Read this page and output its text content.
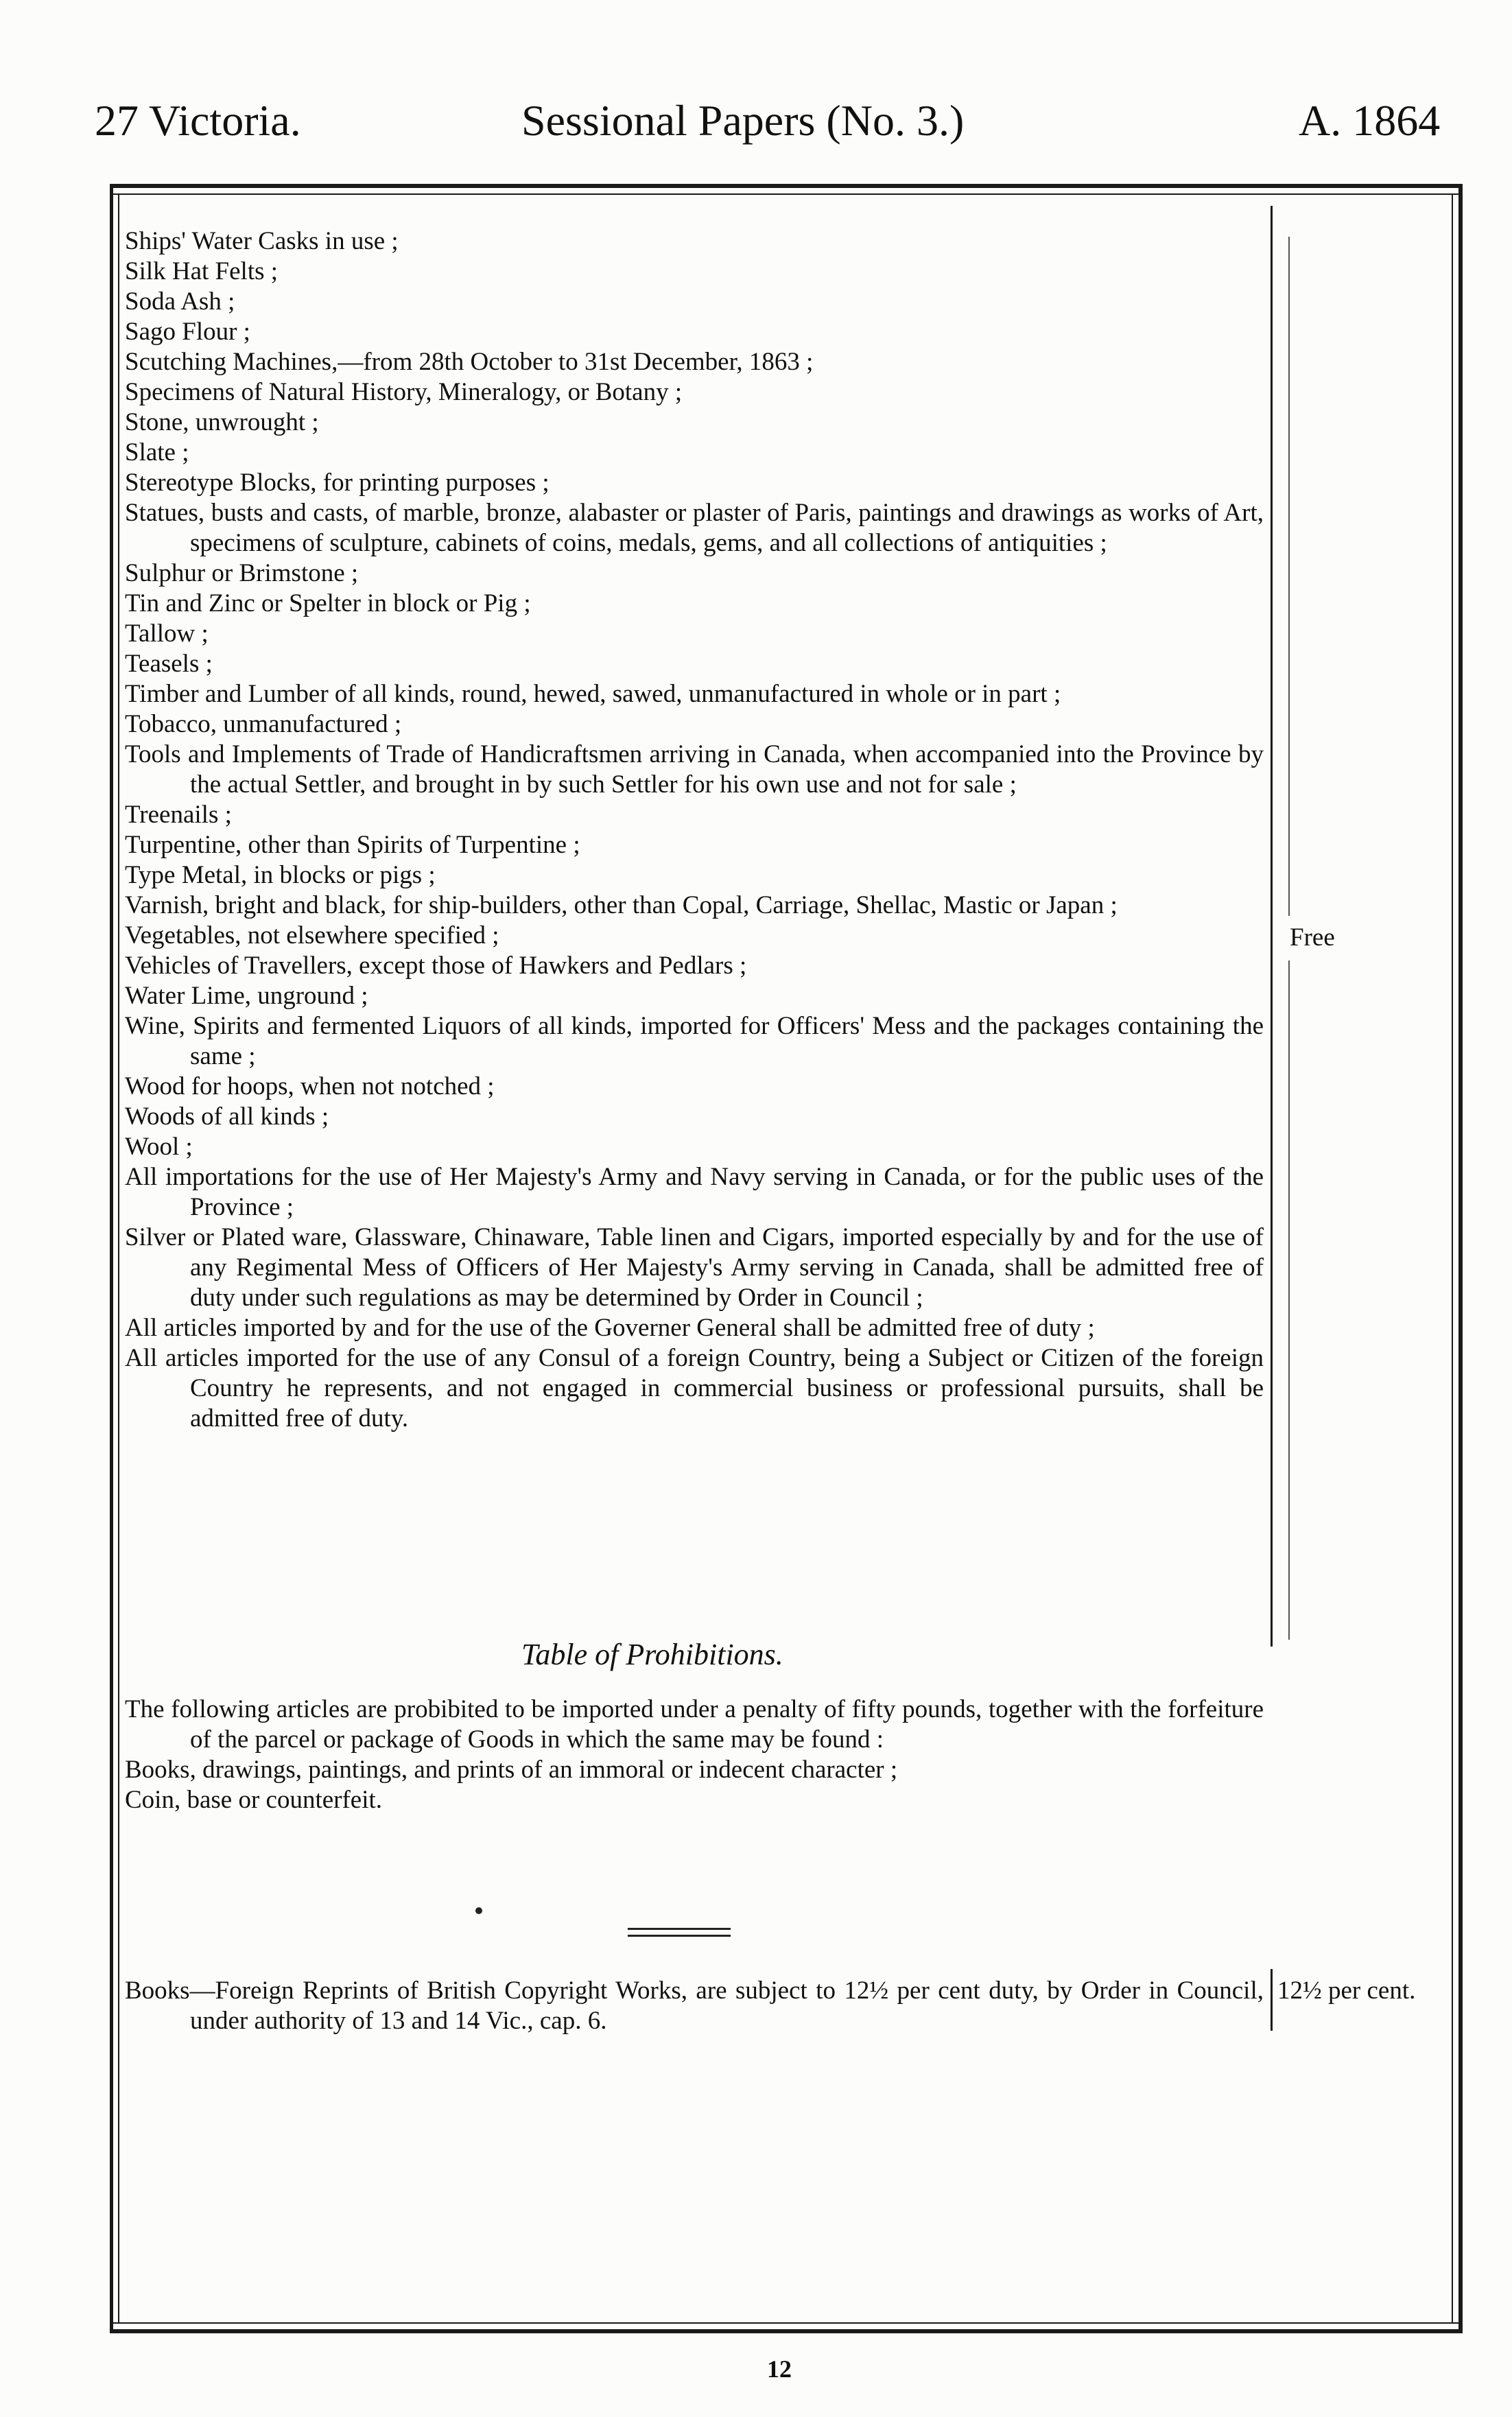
27 Victoria.	Sessional Papers (No. 3.)	A. 1864
Ships' Water Casks in use ;
Silk Hat Felts ;
Soda Ash ;
Sago Flour ;
Scutching Machines,—from 28th October to 31st December, 1863 ;
Specimens of Natural History, Mineralogy, or Botany ;
Stone, unwrought ;
Slate ;
Stereotype Blocks, for printing purposes ;
Statues, busts and casts, of marble, bronze, alabaster or plaster of Paris, paintings and drawings as works of Art, specimens of sculpture, cabinets of coins, medals, gems, and all collections of antiquities ;
Sulphur or Brimstone ;
Tin and Zinc or Spelter in block or Pig ;
Tallow ;
Teasels ;
Timber and Lumber of all kinds, round, hewed, sawed, unmanufactured in whole or in part ;
Tobacco, unmanufactured ;
Tools and Implements of Trade of Handicraftsmen arriving in Canada, when accompanied into the Province by the actual Settler, and brought in by such Settler for his own use and not for sale ;
Treenails ;
Turpentine, other than Spirits of Turpentine ;
Type Metal, in blocks or pigs ;
Varnish, bright and black, for ship-builders, other than Copal, Carriage, Shellac, Mastic or Japan ;
Vegetables, not elsewhere specified ;
Vehicles of Travellers, except those of Hawkers and Pedlars ;
Water Lime, unground ;
Wine, Spirits and fermented Liquors of all kinds, imported for Officers' Mess and the packages containing the same ;
Wood for hoops, when not notched ;
Woods of all kinds ;
Wool ;
All importations for the use of Her Majesty's Army and Navy serving in Canada, or for the public uses of the Province ;
Silver or Plated ware, Glassware, Chinaware, Table linen and Cigars, imported especially by and for the use of any Regimental Mess of Officers of Her Majesty's Army serving in Canada, shall be admitted free of duty under such regulations as may be determined by Order in Council ;
All articles imported by and for the use of the Governer General shall be admitted free of duty ;
All articles imported for the use of any Consul of a foreign Country, being a Subject or Citizen of the foreign Country he represents, and not engaged in commercial business or professional pursuits, shall be admitted free of duty.
Free
Table of Prohibitions.
The following articles are probibited to be imported under a penalty of fifty pounds, together with the forfeiture of the parcel or package of Goods in which the same may be found :
Books, drawings, paintings, and prints of an immoral or indecent character ;
Coin, base or counterfeit.
Books—Foreign Reprints of British Copyright Works, are subject to 12½ per cent duty, by Order in Council, under authority of 13 and 14 Vic., cap. 6.
12½ per cent.
12
